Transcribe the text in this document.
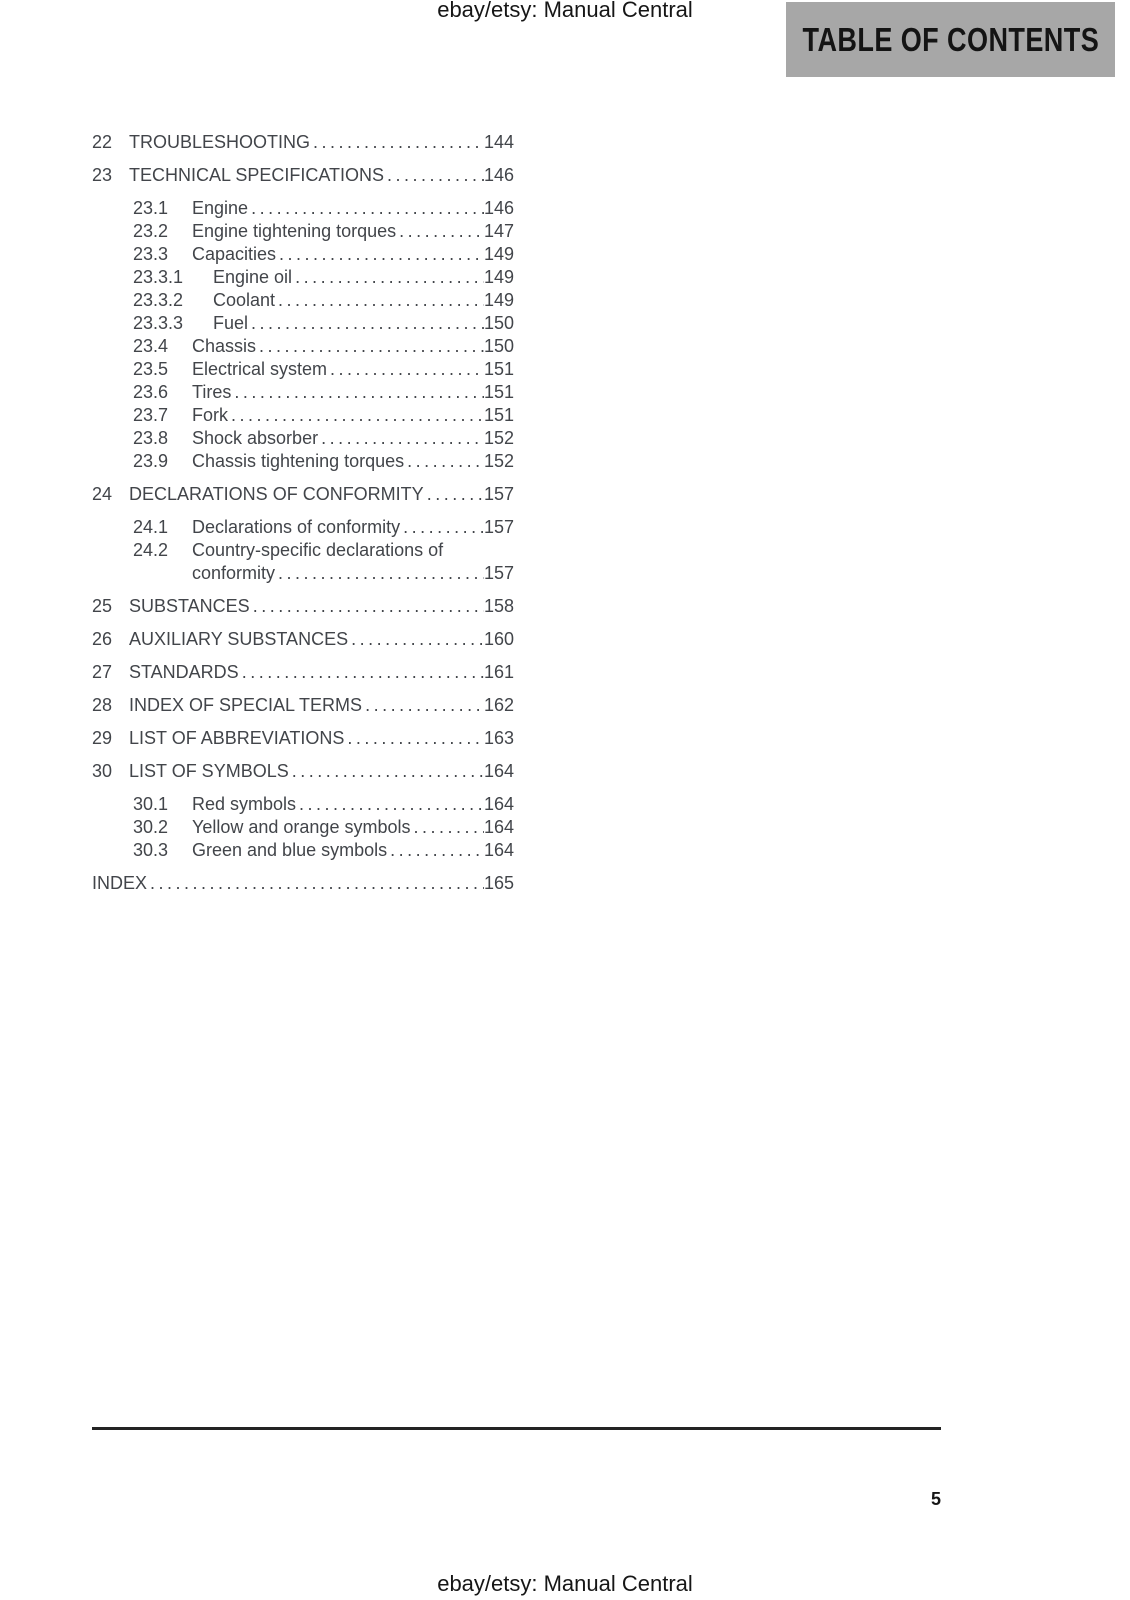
ebay/etsy: Manual Central
TABLE OF CONTENTS
22 TROUBLESHOOTING .....	144
23 TECHNICAL SPECIFICATIONS .....	146
23.1	Engine .....	146
23.2	Engine tightening torques .....	147
23.3	Capacities .....	149
23.3.1	Engine oil .....	149
23.3.2	Coolant .....	149
23.3.3	Fuel .....	150
23.4	Chassis .....	150
23.5	Electrical system .....	151
23.6	Tires .....	151
23.7	Fork .....	151
23.8	Shock absorber .....	152
23.9	Chassis tightening torques .....	152
24 DECLARATIONS OF CONFORMITY .....	157
24.1	Declarations of conformity .....	157
24.2	Country-specific declarations of
conformity .....	157
25 SUBSTANCES .....	158
26 AUXILIARY SUBSTANCES .....	160
27 STANDARDS .....	161
28 INDEX OF SPECIAL TERMS .....	162
29 LIST OF ABBREVIATIONS .....	163
30 LIST OF SYMBOLS .....	164
30.1	Red symbols .....	164
30.2	Yellow and orange symbols .....	164
30.3	Green and blue symbols .....	164
INDEX .....	165
5
ebay/etsy: Manual Central
